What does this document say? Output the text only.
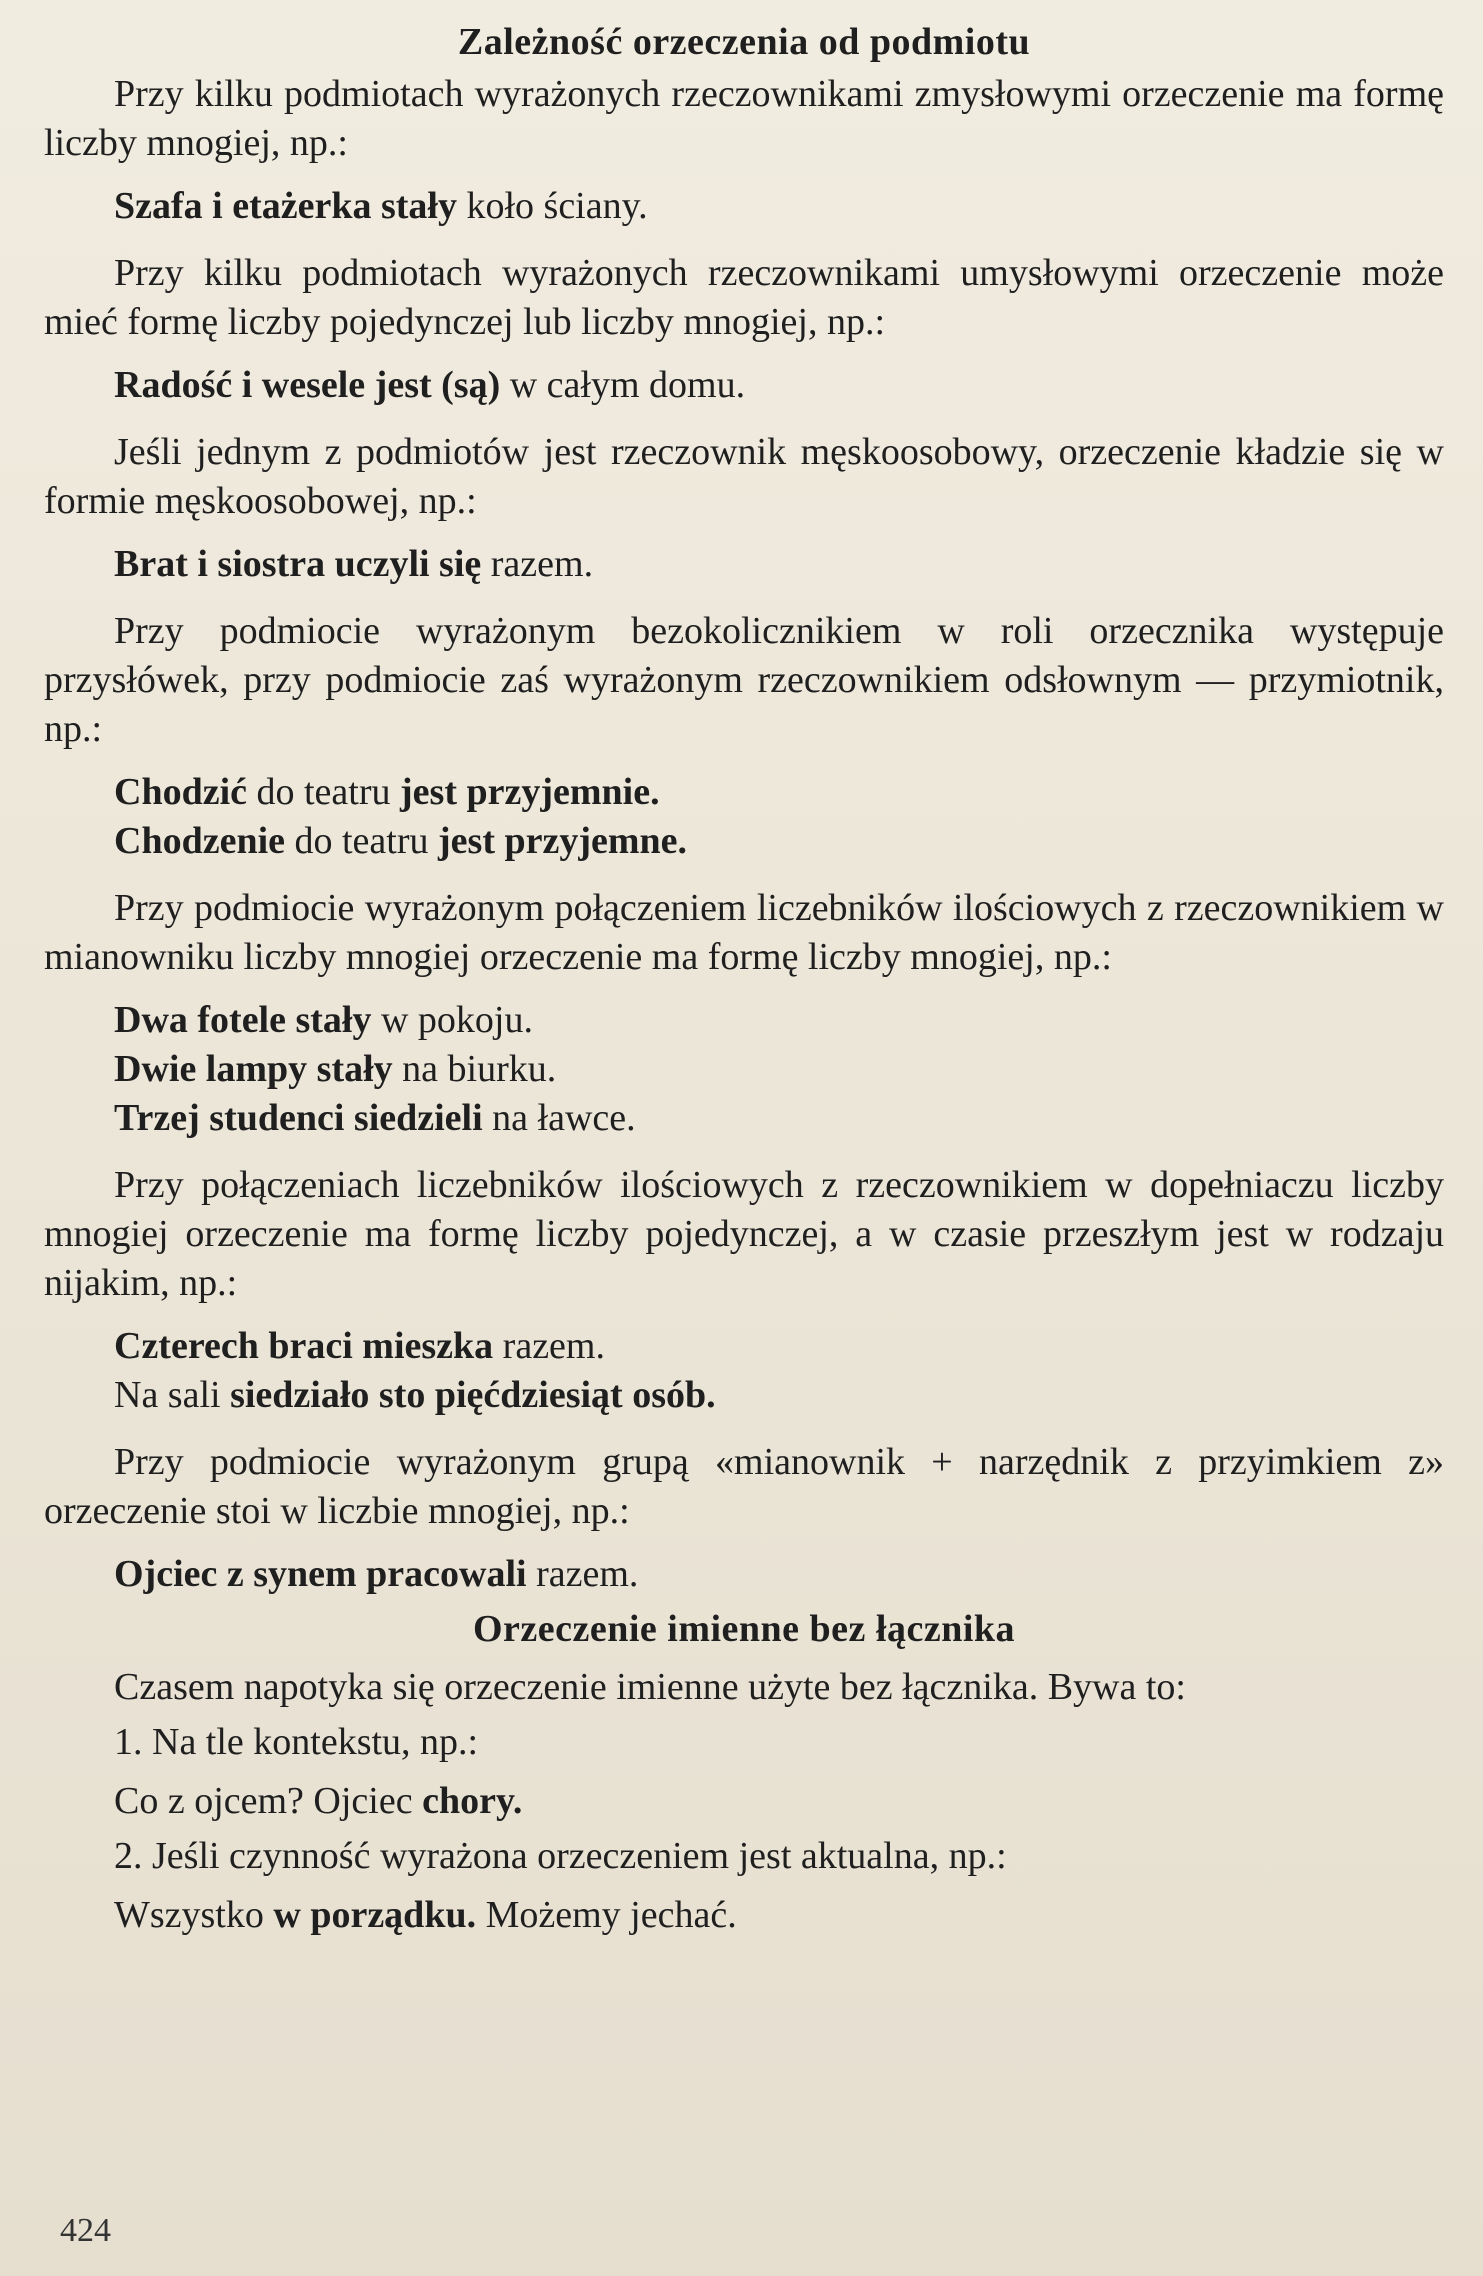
Zależność orzeczenia od podmiotu

Przy kilku podmiotach wyrażonych rzeczownikami zmysłowymi orzeczenie ma formę liczby mnogiej, np.:

Szafa i etażerka stały koło ściany.

Przy kilku podmiotach wyrażonych rzeczownikami umysłowymi orzeczenie może mieć formę liczby pojedynczej lub liczby mnogiej, np.:

Radość i wesele jest (są) w całym domu.

Jeśli jednym z podmiotów jest rzeczownik męskoosobowy, orzeczenie kładzie się w formie męskoosobowej, np.:

Brat i siostra uczyli się razem.

Przy podmiocie wyrażonym bezokolicznikiem w roli orzecznika występuje przysłówek, przy podmiocie zaś wyrażonym rzeczownikiem odsłownym — przymiotnik, np.:

Chodzić do teatru jest przyjemnie.
Chodzenie do teatru jest przyjemne.

Przy podmiocie wyrażonym połączeniem liczebników ilościowych z rzeczownikiem w mianowniku liczby mnogiej orzeczenie ma formę liczby mnogiej, np.:

Dwa fotele stały w pokoju.
Dwie lampy stały na biurku.
Trzej studenci siedzieli na ławce.

Przy połączeniach liczebników ilościowych z rzeczownikiem w dopełniaczu liczby mnogiej orzeczenie ma formę liczby pojedynczej, a w czasie przeszłym jest w rodzaju nijakim, np.:

Czterech braci mieszka razem.
Na sali siedziało sto pięćdziesiąt osób.

Przy podmiocie wyrażonym grupą «mianownik + narzędnik z przyimkiem z» orzeczenie stoi w liczbie mnogiej, np.:

Ojciec z synem pracowali razem.
Orzeczenie imienne bez łącznika

Czasem napotyka się orzeczenie imienne użyte bez łącznika. Bywa to:

1. Na tle kontekstu, np.:
Co z ojcem? Ojciec chory.
2. Jeśli czynność wyrażona orzeczeniem jest aktualna, np.:
Wszystko w porządku. Możemy jechać.
424
